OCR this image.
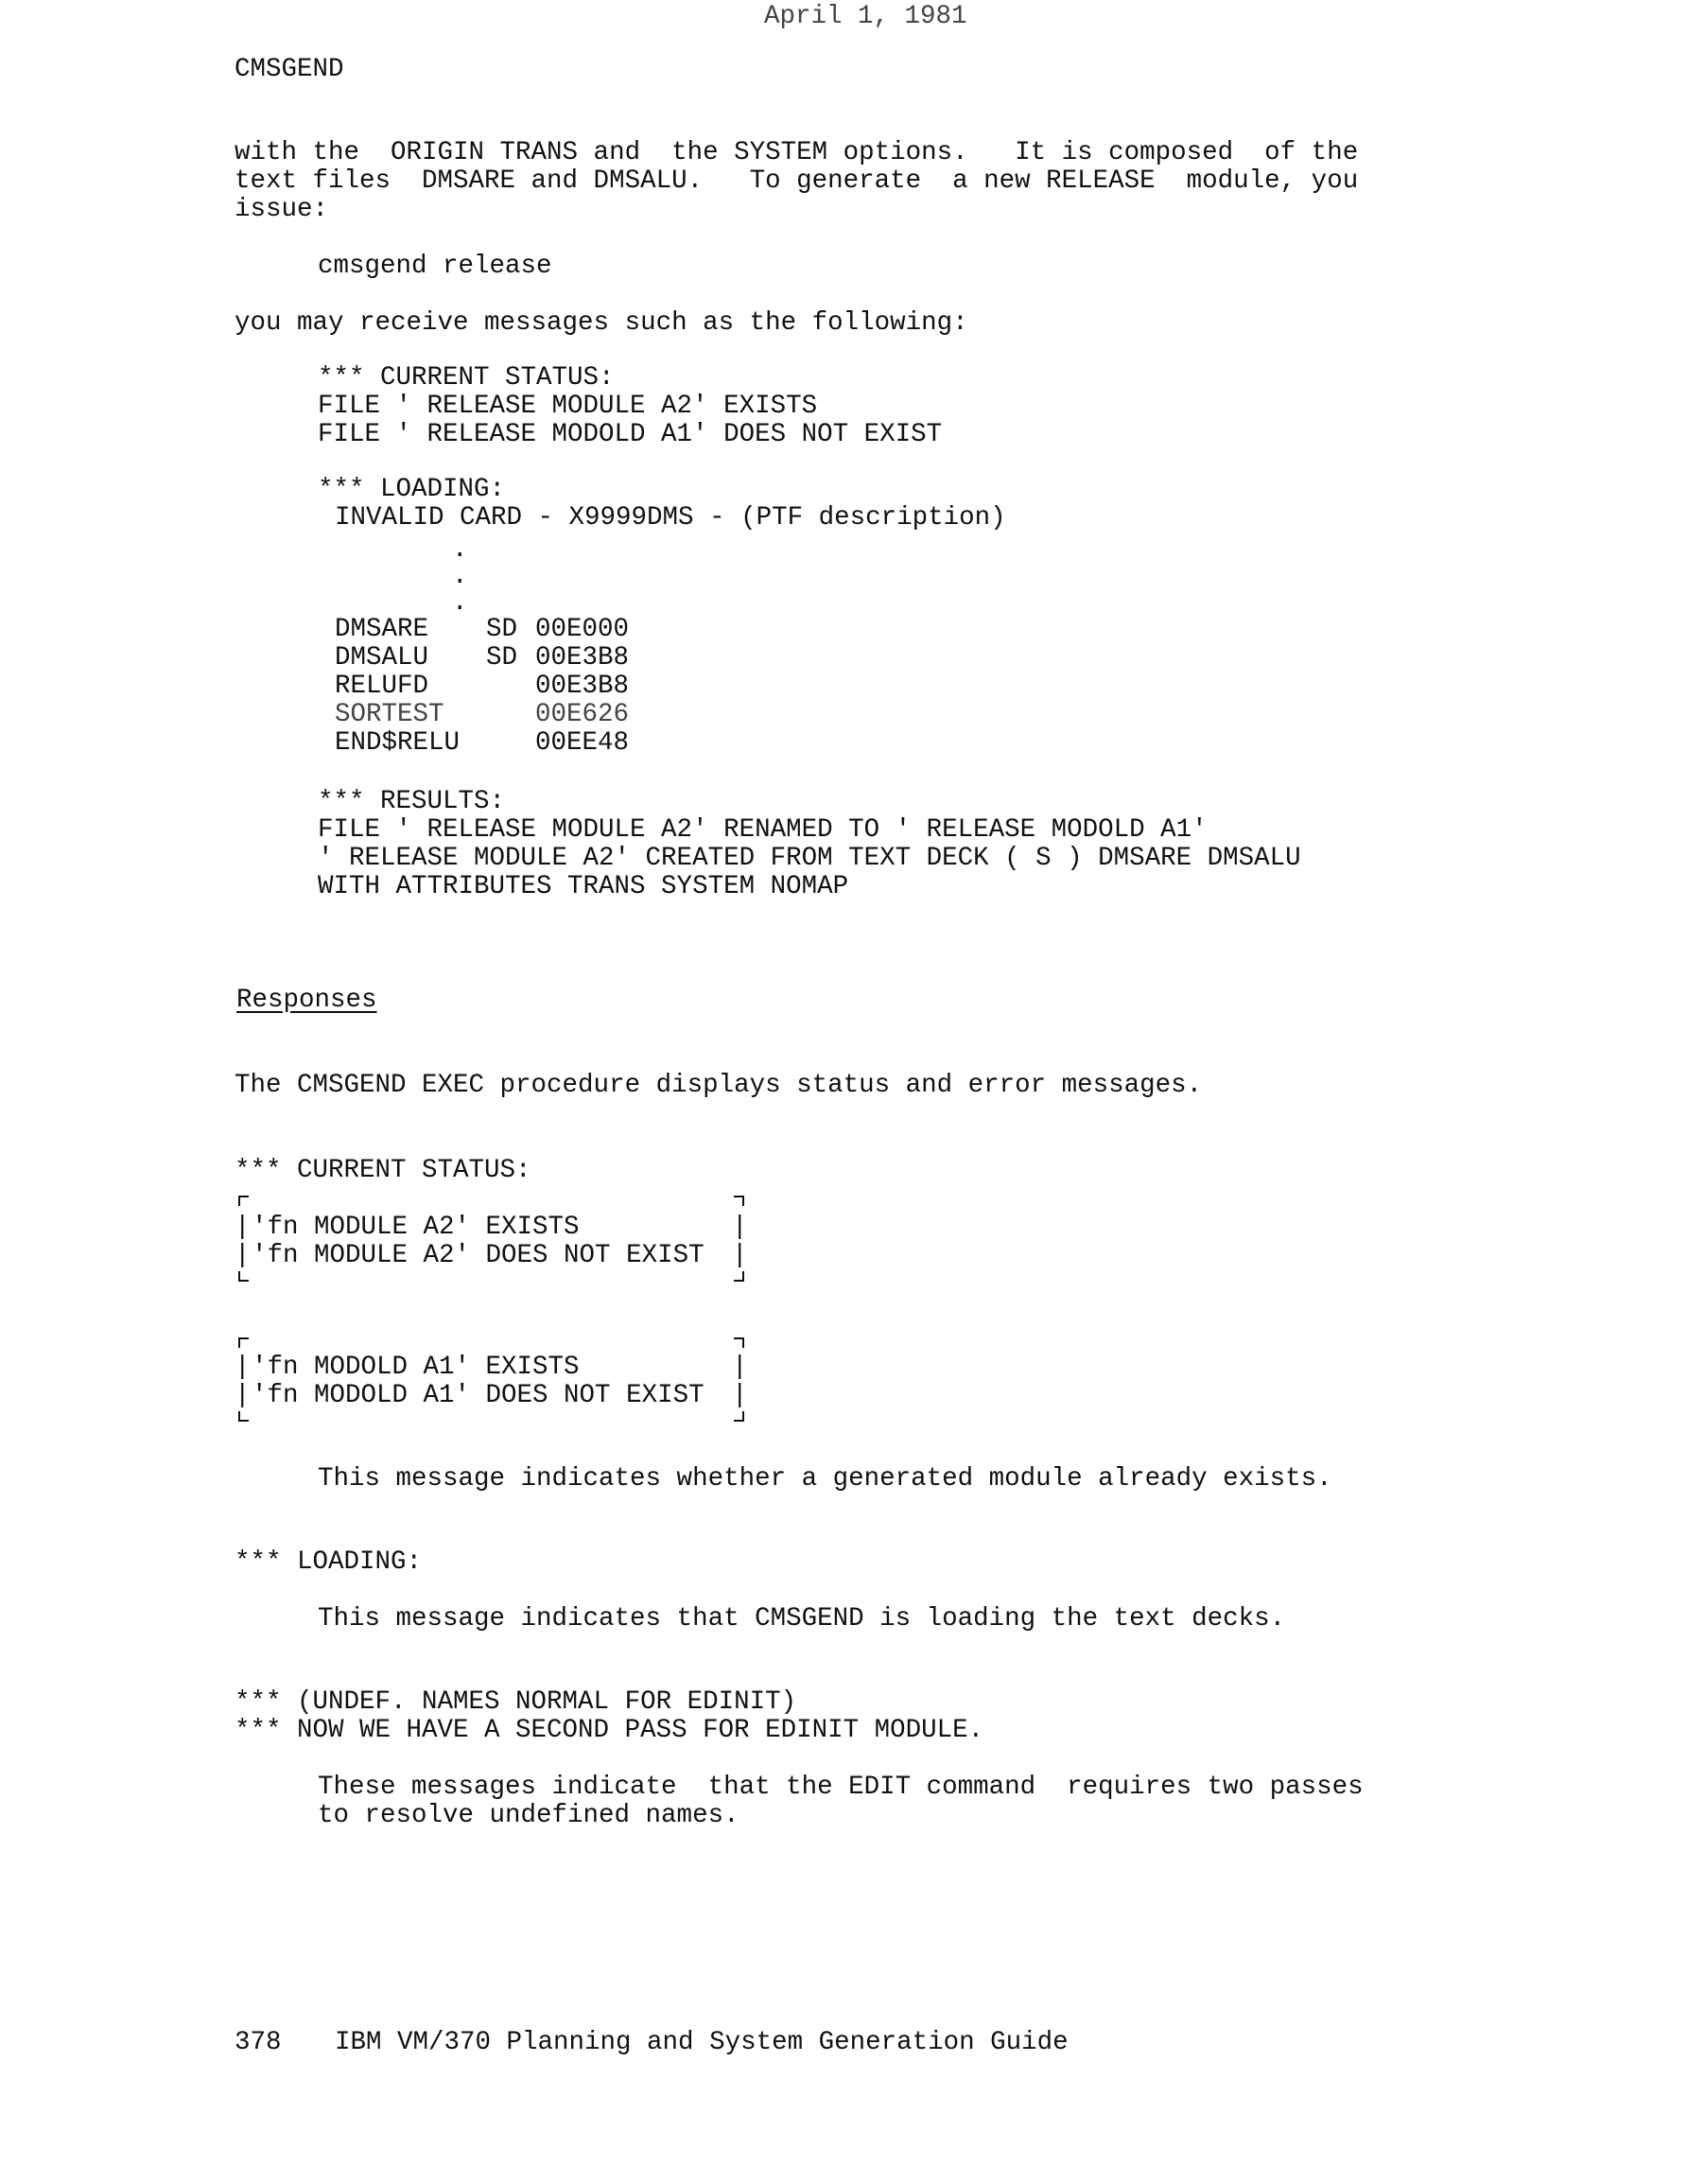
April 1, 1981
CMSGEND
with the  ORIGIN TRANS and  the SYSTEM options.   It is composed  of the
text files  DMSARE and DMSALU.   To generate  a new RELEASE  module, you
issue:
cmsgend release
you may receive messages such as the following:
*** CURRENT STATUS:
FILE ' RELEASE MODULE A2' EXISTS
FILE ' RELEASE MODOLD A1' DOES NOT EXIST
*** LOADING:
INVALID CARD - X9999DMS - (PTF description)
.
.
.
DMSARE SD 00E000
DMSALU SD 00E3B8
RELUFD	00E3B8
SORTEST	00E626
END$RELU	00EE48
*** RESULTS:
FILE ' RELEASE MODULE A2' RENAMED TO ' RELEASE MODOLD A1'
' RELEASE MODULE A2' CREATED FROM TEXT DECK ( S ) DMSARE DMSALU
WITH ATTRIBUTES TRANS SYSTEM NOMAP
Responses
The CMSGEND EXEC procedure displays status and error messages.
*** CURRENT STATUS:
| 'fn MODULE A2' EXISTS	|
| 'fn MODULE A2' DOES NOT EXIST |
| 'fn MODOLD A1' EXISTS	|
| 'fn MODOLD A1' DOES NOT EXIST |
This message indicates whether a generated module already exists.
*** LOADING:
This message indicates that CMSGEND is loading the text decks.
*** (UNDEF. NAMES NORMAL FOR EDINIT)
*** NOW WE HAVE A SECOND PASS FOR EDINIT MODULE.
These messages indicate  that the EDIT command  requires two passes
to resolve undefined names.
378 IBM VM/370 Planning and System Generation Guide
